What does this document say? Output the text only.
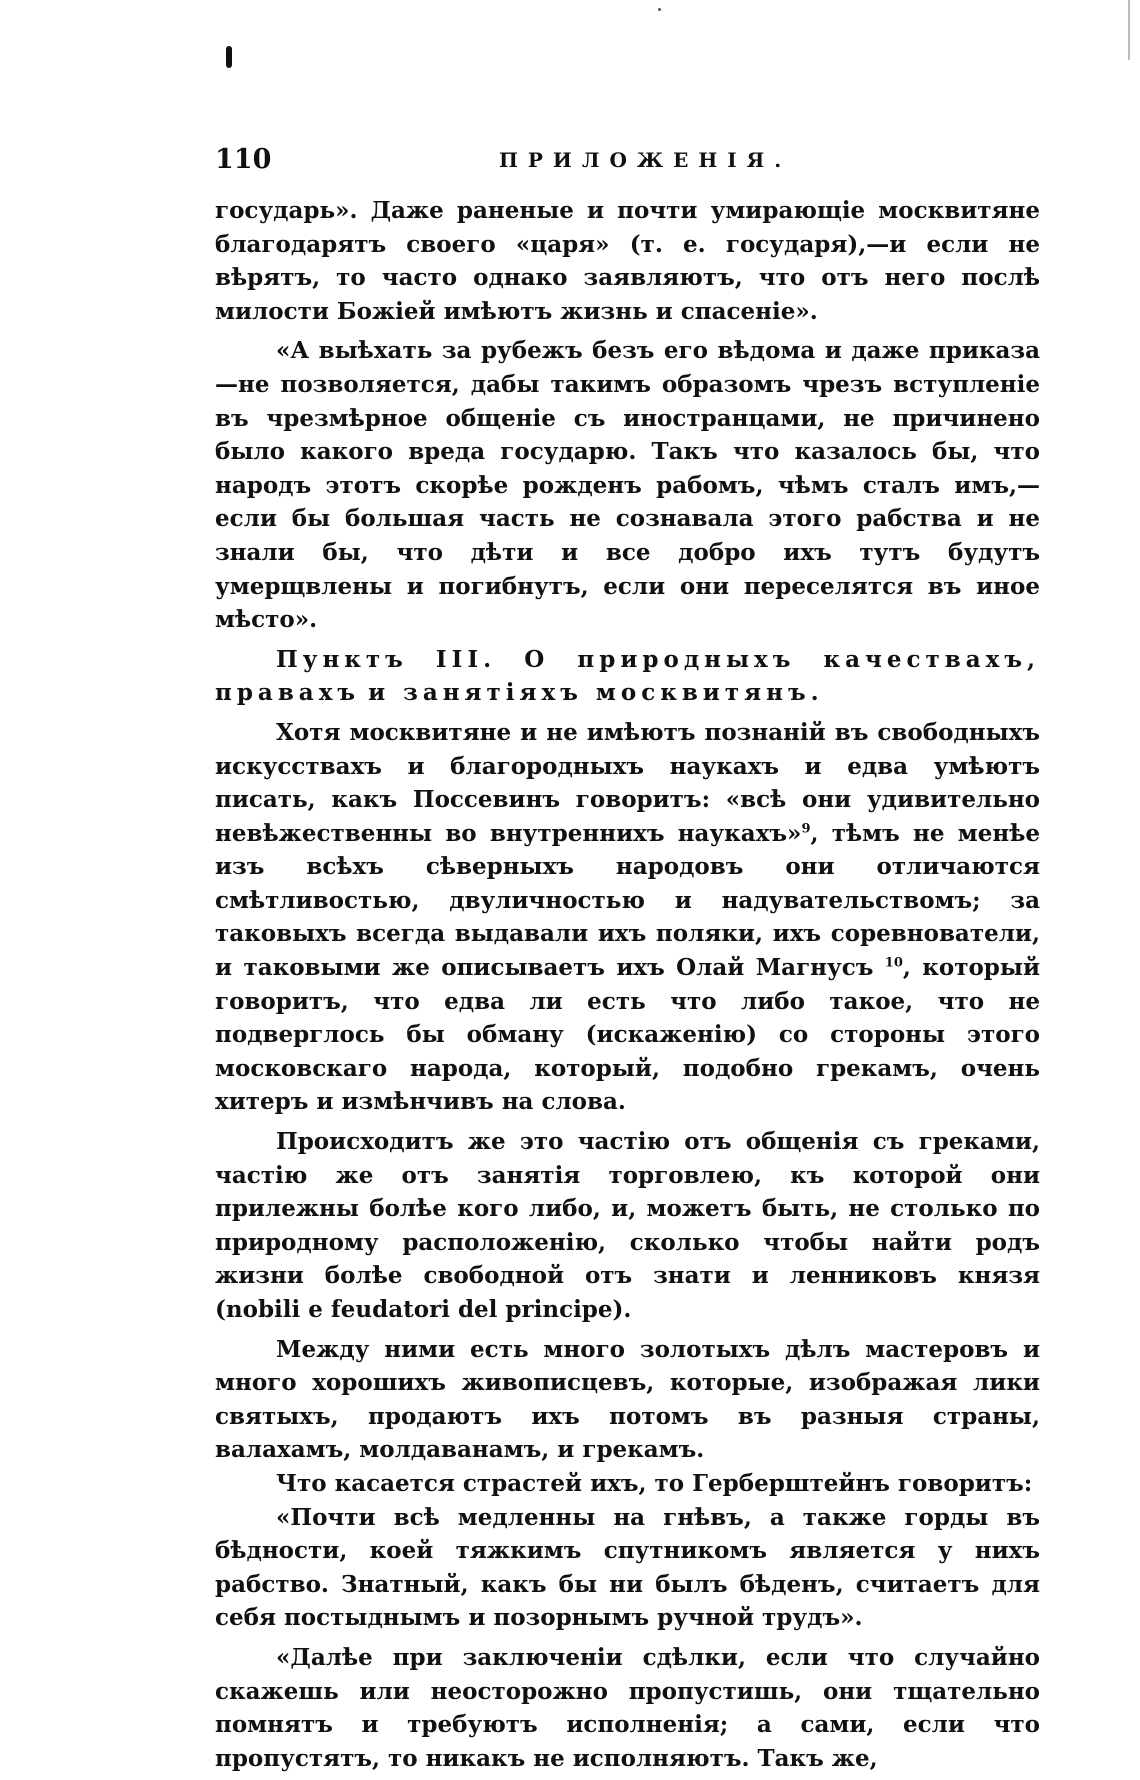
110	ПРИЛОЖЕНІЯ.

государь». Даже раненые и почти умирающіе москвитяне благодарятъ своего «царя» (т. е. государя),—и если не вѣрятъ, то часто однако заявляютъ, что отъ него послѣ милости Божіей имѣютъ жизнь и спасеніе».

«А выѣхать за рубежъ безъ его вѣдома и даже приказа—не позволяется, дабы такимъ образомъ чрезъ вступленіе въ чрезмѣрное общеніе съ иностранцами, не причинено было какого вреда государю. Такъ что казалось бы, что народъ этотъ скорѣе рожденъ рабомъ, чѣмъ сталъ имъ,—если бы большая часть не сознавала этого рабства и не знали бы, что дѣти и все добро ихъ тутъ будутъ умерщвлены и погибнутъ, если они переселятся въ иное мѣсто».

Пунктъ III. О природныхъ качествахъ, правахъ и занятіяхъ москвитянъ.

Хотя москвитяне и не имѣютъ познаній въ свободныхъ искусствахъ и благородныхъ наукахъ и едва умѣютъ писать, какъ Поссевинъ говоритъ: «всѣ они удивительно невѣжественны во внутреннихъ наукахъ»$^9$, тѣмъ не менѣе изъ всѣхъ сѣверныхъ народовъ они отличаются смѣтливостью, двуличностью и надувательствомъ; за таковыхъ всегда выдавали ихъ поляки, ихъ соревнователи, и таковыми же описываетъ ихъ Олай Магнусъ $^{10}$, который говоритъ, что едва ли есть что либо такое, что не подверглось бы обману (искаженію) со стороны этого московскаго народа, который, подобно грекамъ, очень хитеръ и измѣнчивъ на слова.

Происходитъ же это частію отъ общенія съ греками, частію же отъ занятія торговлею, къ которой они прилежны болѣе кого либо, и, можетъ быть, не столько по природному расположенію, сколько чтобы найти родъ жизни болѣе свободной отъ знати и ленниковъ князя (nobili e feudatori del principe).

Между ними есть много золотыхъ дѣлъ мастеровъ и много хорошихъ живописцевъ, которые, изображая лики святыхъ, продаютъ ихъ потомъ въ разныя страны, валахамъ, молдаванамъ, и грекамъ.

Что касается страстей ихъ, то Герберштейнъ говоритъ:

«Почти всѣ медленны на гнѣвъ, а также горды въ бѣдности, коей тяжкимъ спутникомъ является у нихъ рабство. Знатный, какъ бы ни былъ бѣденъ, считаетъ для себя постыднымъ и позорнымъ ручной трудъ».

«Далѣе при заключеніи сдѣлки, если что случайно скажешь или неосторожно пропустишь, они тщательно помнятъ и требуютъ исполненія; а сами, если что пропустятъ, то никакъ не исполняютъ. Такъ же,
